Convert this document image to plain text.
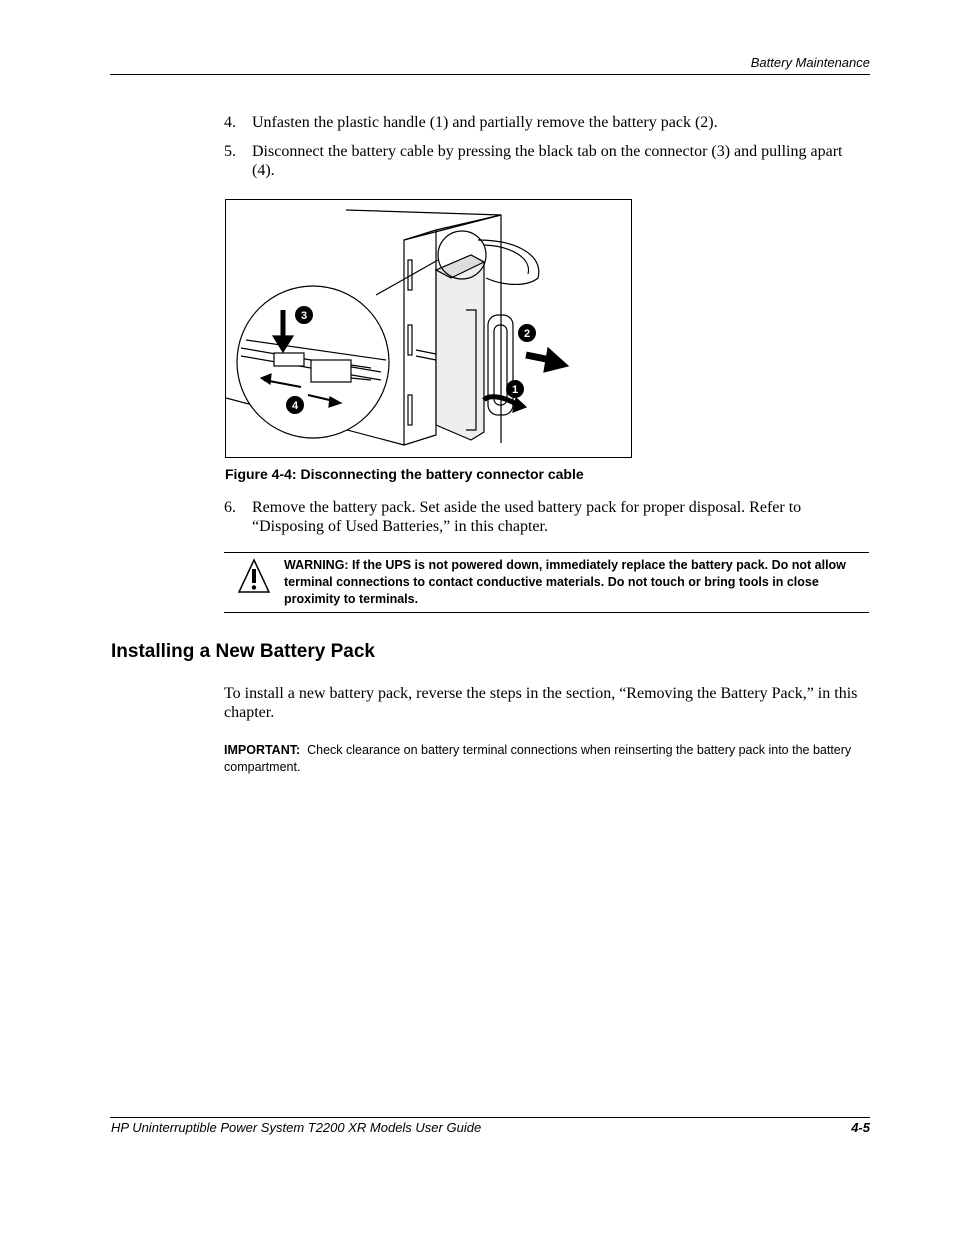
Battery Maintenance
4. Unfasten the plastic handle (1) and partially remove the battery pack (2).
5. Disconnect the battery cable by pressing the black tab on the connector (3) and pulling apart (4).
1
2
3
4
Figure 4-4: Disconnecting the battery connector cable
6. Remove the battery pack. Set aside the used battery pack for proper disposal. Refer to “Disposing of Used Batteries,” in this chapter.
WARNING: If the UPS is not powered down, immediately replace the battery pack. Do not allow terminal connections to contact conductive materials. Do not touch or bring tools in close proximity to terminals.
Installing a New Battery Pack
To install a new battery pack, reverse the steps in the section, “Removing the Battery Pack,” in this chapter.
IMPORTANT: Check clearance on battery terminal connections when reinserting the battery pack into the battery compartment.
HP Uninterruptible Power System T2200 XR Models User Guide	4-5
